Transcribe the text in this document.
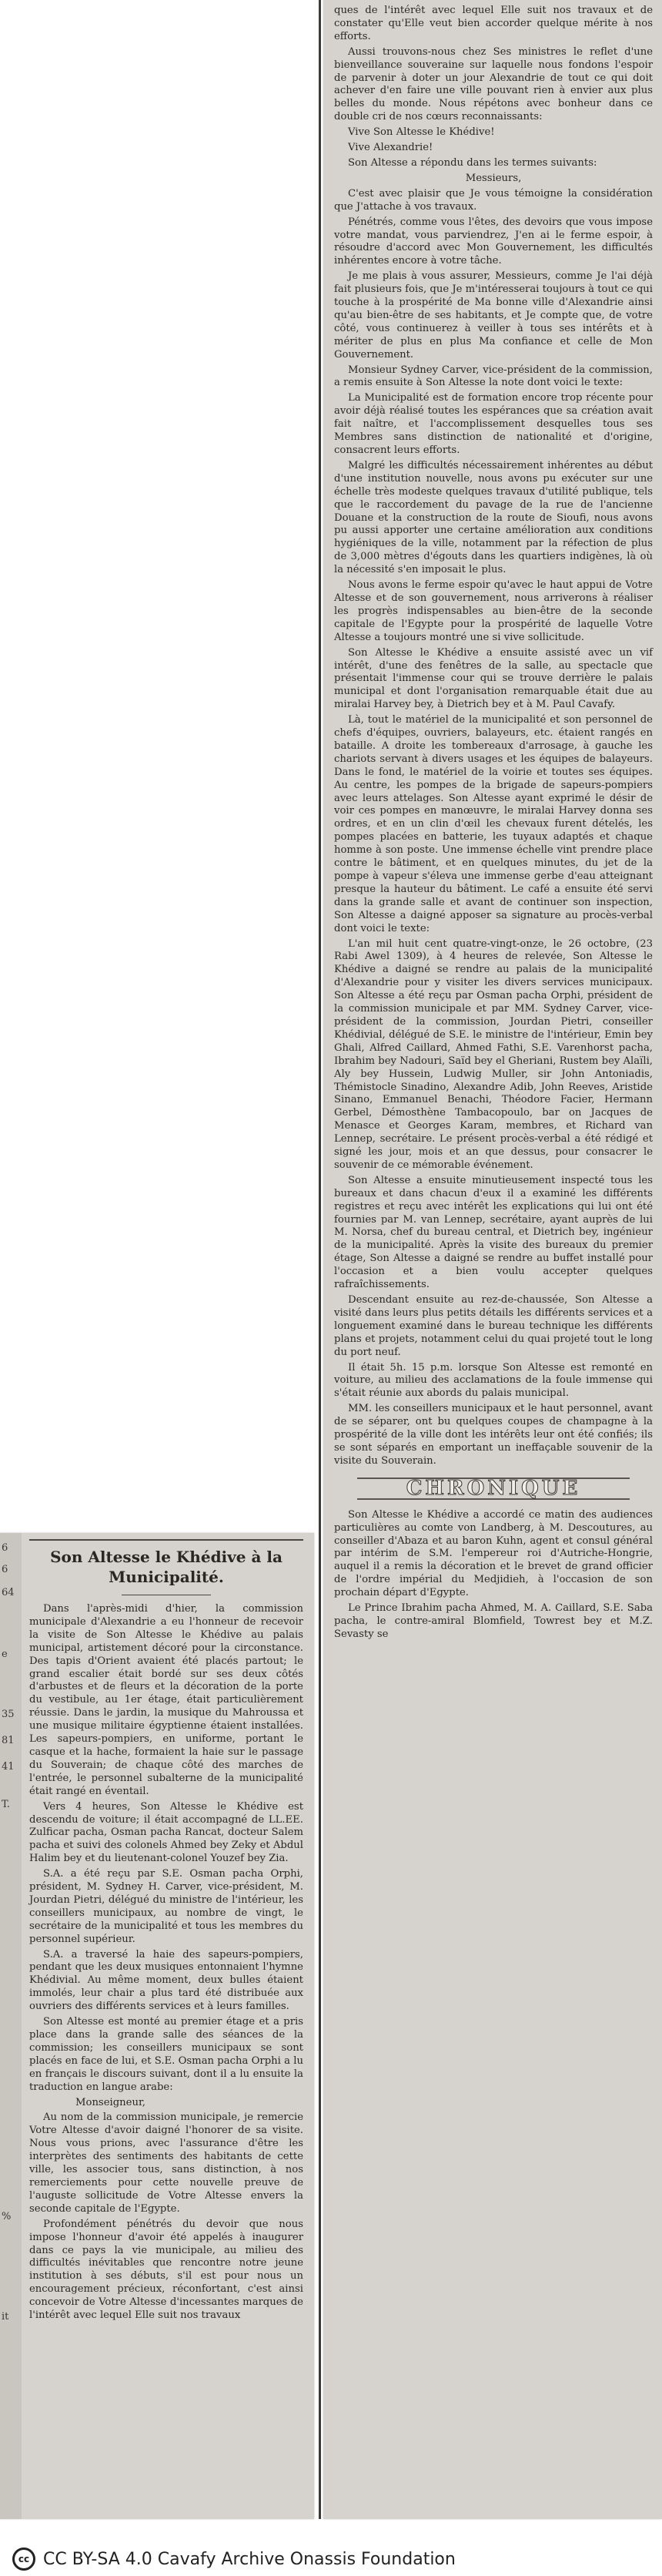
6
6
64
e
35
81
41
T.
%
it
Son Altesse le Khédive à la Municipalité.

Dans l'après-midi d'hier, la commission municipale d'Alexandrie a eu l'honneur de recevoir la visite de Son Altesse le Khédive au palais municipal, artistement décoré pour la circonstance. Des tapis d'Orient avaient été placés partout; le grand escalier était bordé sur ses deux côtés d'arbustes et de fleurs et la décoration de la porte du vestibule, au 1er étage, était particulièrement réussie. Dans le jardin, la musique du Mahroussa et une musique militaire égyptienne étaient installées. Les sapeurs-pompiers, en uniforme, portant le casque et la hache, formaient la haie sur le passage du Souverain; de chaque côté des marches de l'entrée, le personnel subalterne de la municipalité était rangé en éventail.

Vers 4 heures, Son Altesse le Khédive est descendu de voiture; il était accompagné de LL.EE. Zulficar pacha, Osman pacha Rancat, docteur Salem pacha et suivi des colonels Ahmed bey Zeky et Abdul Halim bey et du lieutenant-colonel Youzef bey Zia.

S.A. a été reçu par S.E. Osman pacha Orphi, président, M. Sydney H. Carver, vice-président, M. Jourdan Pietri, délégué du ministre de l'intérieur, les conseillers municipaux, au nombre de vingt, le secrétaire de la municipalité et tous les membres du personnel supérieur.

S.A. a traversé la haie des sapeurs-pompiers, pendant que les deux musiques entonnaient l'hymne Khédivial. Au même moment, deux bulles étaient immolés, leur chair a plus tard été distribuée aux ouvriers des différents services et à leurs familles.

Son Altesse est monté au premier étage et a pris place dans la grande salle des séances de la commission; les conseillers municipaux se sont placés en face de lui, et S.E. Osman pacha Orphi a lu en français le discours suivant, dont il a lu ensuite la traduction en langue arabe:

Monseigneur,

Au nom de la commission municipale, je remercie Votre Altesse d'avoir daigné l'honorer de sa visite. Nous vous prions, avec l'assurance d'être les interprètes des sentiments des habitants de cette ville, les associer tous, sans distinction, à nos remerciements pour cette nouvelle preuve de l'auguste sollicitude de Votre Altesse envers la seconde capitale de l'Egypte.

Profondément pénétrés du devoir que nous impose l'honneur d'avoir été appelés à inaugurer dans ce pays la vie municipale, au milieu des difficultés inévitables que rencontre notre jeune institution à ses débuts, s'il est pour nous un encouragement précieux, réconfortant, c'est ainsi concevoir de Votre Altesse d'incessantes marques de l'intérêt avec lequel Elle suit nos travaux

ques de l'intérêt avec lequel Elle suit nos travaux et de constater qu'Elle veut bien accorder quelque mérite à nos efforts.

Aussi trouvons-nous chez Ses ministres le reflet d'une bienveillance souveraine sur laquelle nous fondons l'espoir de parvenir à doter un jour Alexandrie de tout ce qui doit achever d'en faire une ville pouvant rien à envier aux plus belles du monde. Nous répétons avec bonheur dans ce double cri de nos cœurs reconnaissants:

Vive Son Altesse le Khédive!

Vive Alexandrie!

Son Altesse a répondu dans les termes suivants:

Messieurs,

C'est avec plaisir que Je vous témoigne la considération que J'attache à vos travaux.

Pénétrés, comme vous l'êtes, des devoirs que vous impose votre mandat, vous parviendrez, J'en ai le ferme espoir, à résoudre d'accord avec Mon Gouvernement, les difficultés inhérentes encore à votre tâche.

Je me plais à vous assurer, Messieurs, comme Je l'ai déjà fait plusieurs fois, que Je m'intéresserai toujours à tout ce qui touche à la prospérité de Ma bonne ville d'Alexandrie ainsi qu'au bien-être de ses habitants, et Je compte que, de votre côté, vous continuerez à veiller à tous ses intérêts et à mériter de plus en plus Ma confiance et celle de Mon Gouvernement.

Monsieur Sydney Carver, vice-président de la commission, a remis ensuite à Son Altesse la note dont voici le texte:

La Municipalité est de formation encore trop récente pour avoir déjà réalisé toutes les espérances que sa création avait fait naître, et l'accomplissement desquelles tous ses Membres sans distinction de nationalité et d'origine, consacrent leurs efforts.

Malgré les difficultés nécessairement inhérentes au début d'une institution nouvelle, nous avons pu exécuter sur une échelle très modeste quelques travaux d'utilité publique, tels que le raccordement du pavage de la rue de l'ancienne Douane et la construction de la route de Sioufi, nous avons pu aussi apporter une certaine amélioration aux conditions hygiéniques de la ville, notamment par la réfection de plus de 3,000 mètres d'égouts dans les quartiers indigènes, là où la nécessité s'en imposait le plus.

Nous avons le ferme espoir qu'avec le haut appui de Votre Altesse et de son gouvernement, nous arriverons à réaliser les progrès indispensables au bien-être de la seconde capitale de l'Egypte pour la prospérité de laquelle Votre Altesse a toujours montré une si vive sollicitude.

Son Altesse le Khédive a ensuite assisté avec un vif intérêt, d'une des fenêtres de la salle, au spectacle que présentait l'immense cour qui se trouve derrière le palais municipal et dont l'organisation remarquable était due au miralai Harvey bey, à Dietrich bey et à M. Paul Cavafy.

Là, tout le matériel de la municipalité et son personnel de chefs d'équipes, ouvriers, balayeurs, etc. étaient rangés en bataille. A droite les tombereaux d'arrosage, à gauche les chariots servant à divers usages et les équipes de balayeurs. Dans le fond, le matériel de la voirie et toutes ses équipes. Au centre, les pompes de la brigade de sapeurs-pompiers avec leurs attelages. Son Altesse ayant exprimé le désir de voir ces pompes en manœuvre, le miralai Harvey donna ses ordres, et en un clin d'œil les chevaux furent dételés, les pompes placées en batterie, les tuyaux adaptés et chaque homme à son poste. Une immense échelle vint prendre place contre le bâtiment, et en quelques minutes, du jet de la pompe à vapeur s'éleva une immense gerbe d'eau atteignant presque la hauteur du bâtiment. Le café a ensuite été servi dans la grande salle et avant de continuer son inspection, Son Altesse a daigné apposer sa signature au procès-verbal dont voici le texte:

L'an mil huit cent quatre-vingt-onze, le 26 octobre, (23 Rabi Awel 1309), à 4 heures de relevée, Son Altesse le Khédive a daigné se rendre au palais de la municipalité d'Alexandrie pour y visiter les divers services municipaux. Son Altesse a été reçu par Osman pacha Orphi, président de la commission municipale et par MM. Sydney Carver, vice-président de la commission, Jourdan Pietri, conseiller Khédivial, délégué de S.E. le ministre de l'intérieur, Emin bey Ghali, Alfred Caillard, Ahmed Fathi, S.E. Varenhorst pacha, Ibrahim bey Nadouri, Saïd bey el Gheriani, Rustem bey Alaïli, Aly bey Hussein, Ludwig Muller, sir John Antoniadis, Thémistocle Sinadino, Alexandre Adib, John Reeves, Aristide Sinano, Emmanuel Benachi, Théodore Facier, Hermann Gerbel, Démosthène Tambacopoulo, bar on Jacques de Menasce et Georges Karam, membres, et Richard van Lennep, secrétaire. Le présent procès-verbal a été rédigé et signé les jour, mois et an que dessus, pour consacrer le souvenir de ce mémorable événement.

Son Altesse a ensuite minutieusement inspecté tous les bureaux et dans chacun d'eux il a examiné les différents registres et reçu avec intérêt les explications qui lui ont été fournies par M. van Lennep, secrétaire, ayant auprès de lui M. Norsa, chef du bureau central, et Dietrich bey, ingénieur de la municipalité. Après la visite des bureaux du premier étage, Son Altesse a daigné se rendre au buffet installé pour l'occasion et a bien voulu accepter quelques rafraîchissements.

Descendant ensuite au rez-de-chaussée, Son Altesse a visité dans leurs plus petits détails les différents services et a longuement examiné dans le bureau technique les différents plans et projets, notamment celui du quai projeté tout le long du port neuf.

Il était 5h. 15 p.m. lorsque Son Altesse est remonté en voiture, au milieu des acclamations de la foule immense qui s'était réunie aux abords du palais municipal.

MM. les conseillers municipaux et le haut personnel, avant de se séparer, ont bu quelques coupes de champagne à la prospérité de la ville dont les intérêts leur ont été confiés; ils se sont séparés en emportant un ineffaçable souvenir de la visite du Souverain.

CHRONIQUE

Son Altesse le Khédive a accordé ce matin des audiences particulières au comte von Landberg, à M. Descoutures, au conseiller d'Abaza et au baron Kuhn, agent et consul général par intérim de S.M. l'empereur roi d'Autriche-Hongrie, auquel il a remis la décoration et le brevet de grand officier de l'ordre impérial du Medjidieh, à l'occasion de son prochain départ d'Egypte.

Le Prince Ibrahim pacha Ahmed, M. A. Caillard, S.E. Saba pacha, le contre-amiral Blomfield, Towrest bey et M.Z. Sevasty se

cc CC BY-SA 4.0 Cavafy Archive Onassis Foundation
